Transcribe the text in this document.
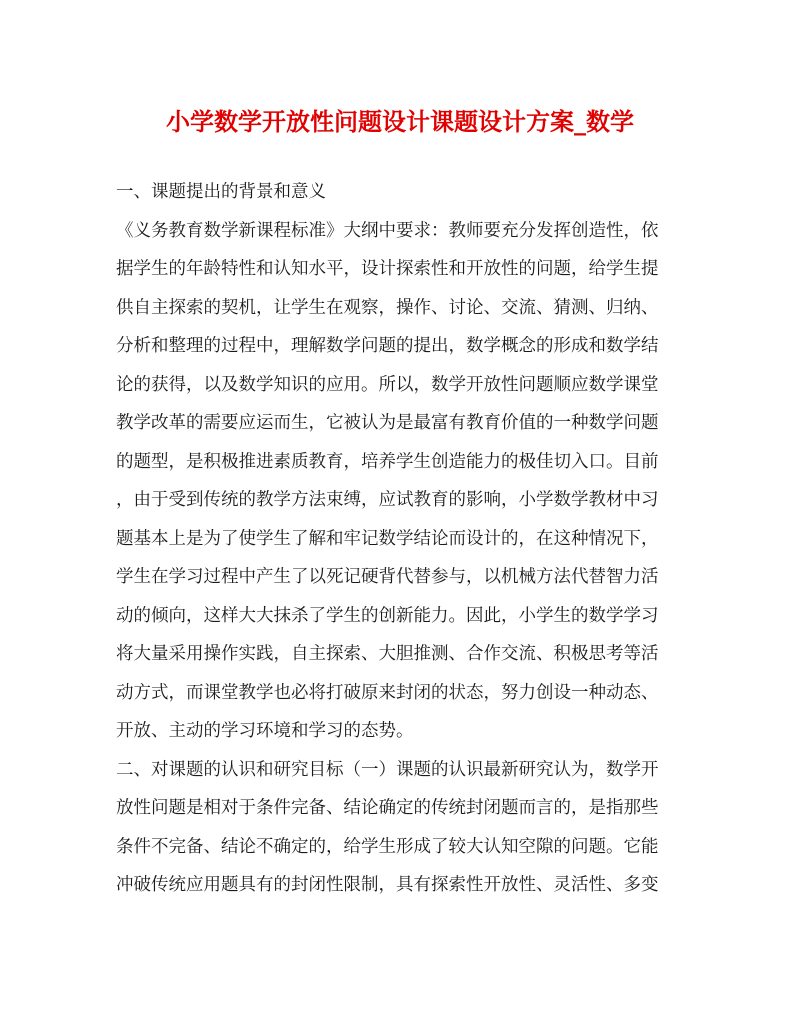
小学数学开放性问题设计课题设计方案_数学
一、课题提出的背景和意义
《义务教育数学新课程标准》大纲中要求：教师要充分发挥创造性，依
据学生的年龄特性和认知水平，设计探索性和开放性的问题，给学生提
供自主探索的契机，让学生在观察，操作、讨论、交流、猜测、归纳、
分析和整理的过程中，理解数学问题的提出，数学概念的形成和数学结
论的获得，以及数学知识的应用。所以，数学开放性问题顺应数学课堂
教学改革的需要应运而生，它被认为是最富有教育价值的一种数学问题
的题型，是积极推进素质教育，培养学生创造能力的极佳切入口。目前
，由于受到传统的教学方法束缚，应试教育的影响，小学数学教材中习
题基本上是为了使学生了解和牢记数学结论而设计的，在这种情况下，
学生在学习过程中产生了以死记硬背代替参与，以机械方法代替智力活
动的倾向，这样大大抹杀了学生的创新能力。因此，小学生的数学学习
将大量采用操作实践，自主探索、大胆推测、合作交流、积极思考等活
动方式，而课堂教学也必将打破原来封闭的状态，努力创设一种动态、
开放、主动的学习环境和学习的态势。
二、对课题的认识和研究目标（一）课题的认识最新研究认为，数学开
放性问题是相对于条件完备、结论确定的传统封闭题而言的，是指那些
条件不完备、结论不确定的，给学生形成了较大认知空隙的问题。它能
冲破传统应用题具有的封闭性限制，具有探索性开放性、灵活性、多变
